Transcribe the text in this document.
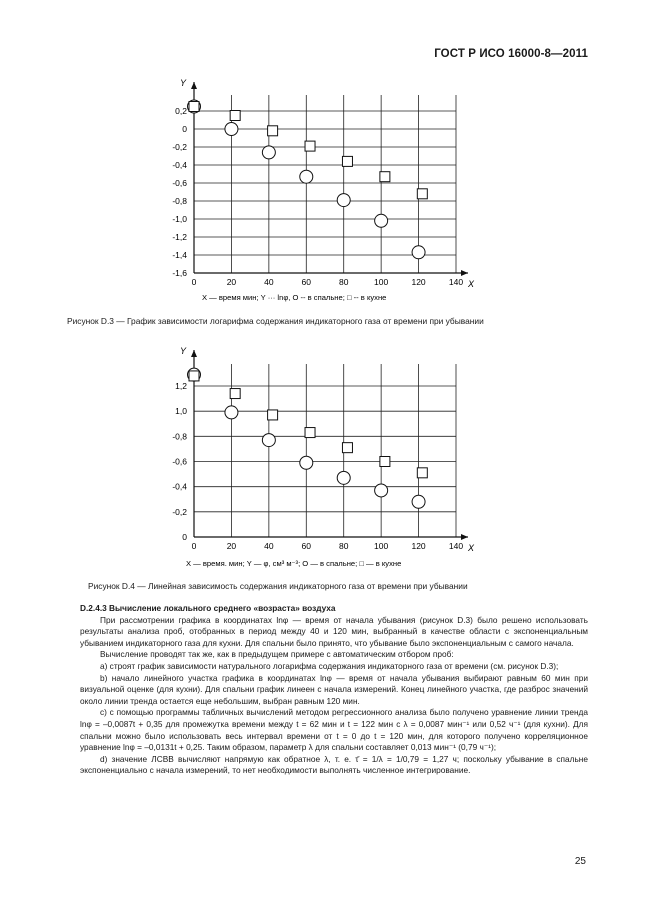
ГОСТ Р ИСО 16000-8—2011
Y
X
0	20	40	60	80	100	120	140
0,2
0
-0,2
-0,4
-0,6
-0,8
-1,0
-1,2
-1,4
-1,6
X — время мин; Y ··· lnφ, О -- в спальне; □ -- в кухне
Рисунок D.3 — График зависимости логарифма содержания индикаторного газа от времени при убывании
Y
X
0	20	40	60	80	100	120	140
1,2
1,0
-0,8
-0,6
-0,4
-0,2
0
X — время. мин; Y — φ, см³ м⁻³; О — в спальне; □ — в кухне
Рисунок D.4 — Линейная зависимость содержания индикаторного газа от времени при убывании

D.2.4.3 Вычисление локального среднего «возраста» воздуха

При рассмотрении графика в координатах lnφ — время от начала убывания (рисунок D.3) было решено использовать результаты анализа проб, отобранных в период между 40 и 120 мин, выбранный в качестве области с экспоненциальным убыванием индикаторного газа для кухни. Для спальни было принято, что убывание было экспоненциальным с самого начала.

Вычисление проводят так же, как в предыдущем примере с автоматическим отбором проб:

a) строят график зависимости натурального логарифма содержания индикаторного газа от времени (см. рисунок D.3);

b) начало линейного участка графика в координатах lnφ — время от начала убывания выбирают равным 60 мин при визуальной оценке (для кухни). Для спальни график линеен с начала измерений. Конец линейного участка, где разброс значений около линии тренда остается еще небольшим, выбран равным 120 мин.

c) с помощью программы табличных вычислений методом регрессионного анализа было получено уравнение линии тренда lnφ = –0,0087t + 0,35 для промежутка времени между t = 62 мин и t = 122 мин с λ = 0,0087 мин⁻¹ или 0,52 ч⁻¹ (для кухни). Для спальни можно было использовать весь интервал времени от t = 0 до t = 120 мин, для которого получено корреляционное уравнение lnφ = –0,0131t + 0,25. Таким образом, параметр λ для спальни составляет 0,013 мин⁻¹ (0,79 ч⁻¹);

d) значение ЛСВВ вычисляют напрямую как обратное λ, т. е. τ̄ = 1/λ = 1/0,79 = 1,27 ч; поскольку убывание в спальне экспоненциально с начала измерений, то нет необходимости выполнять численное интегрирование.

25
